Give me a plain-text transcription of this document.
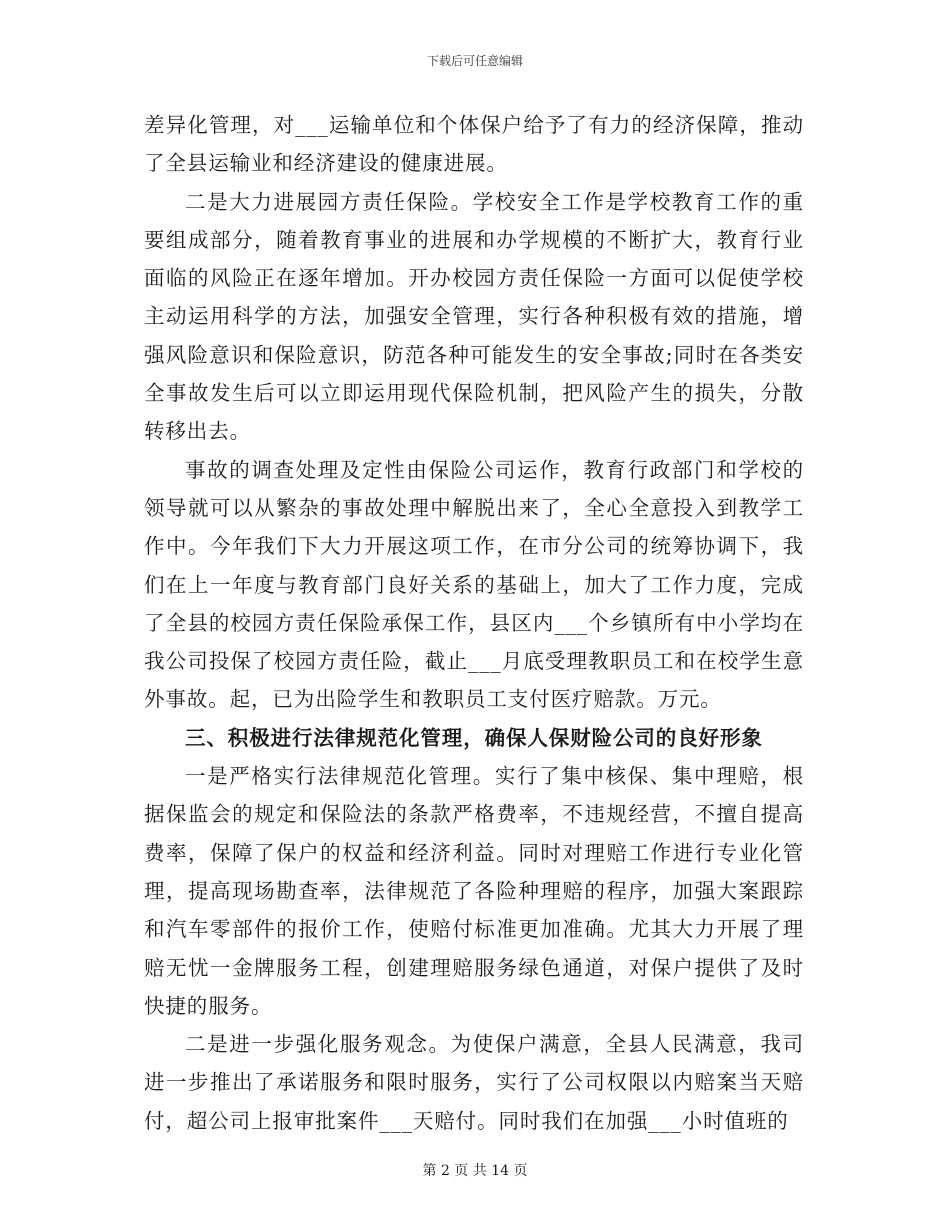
下载后可任意编辑

差异化管理，对___运输单位和个体保户给予了有力的经济保障，推动了全县运输业和经济建设的健康进展。

二是大力进展园方责任保险。学校安全工作是学校教育工作的重要组成部分，随着教育事业的进展和办学规模的不断扩大，教育行业面临的风险正在逐年增加。开办校园方责任保险一方面可以促使学校主动运用科学的方法，加强安全管理，实行各种积极有效的措施，增强风险意识和保险意识，防范各种可能发生的安全事故;同时在各类安全事故发生后可以立即运用现代保险机制，把风险产生的损失，分散转移出去。

事故的调查处理及定性由保险公司运作，教育行政部门和学校的领导就可以从繁杂的事故处理中解脱出来了，全心全意投入到教学工作中。今年我们下大力开展这项工作，在市分公司的统筹协调下，我们在上一年度与教育部门良好关系的基础上，加大了工作力度，完成了全县的校园方责任保险承保工作，县区内___个乡镇所有中小学均在我公司投保了校园方责任险，截止___月底受理教职员工和在校学生意外事故。起，已为出险学生和教职员工支付医疗赔款。万元。

三、积极进行法律规范化管理，确保人保财险公司的良好形象

一是严格实行法律规范化管理。实行了集中核保、集中理赔，根据保监会的规定和保险法的条款严格费率，不违规经营，不擅自提高费率，保障了保户的权益和经济利益。同时对理赔工作进行专业化管理，提高现场勘查率，法律规范了各险种理赔的程序，加强大案跟踪和汽车零部件的报价工作，使赔付标准更加准确。尤其大力开展了理赔无忧一金牌服务工程，创建理赔服务绿色通道，对保户提供了及时快捷的服务。

二是进一步强化服务观念。为使保户满意，全县人民满意，我司进一步推出了承诺服务和限时服务，实行了公司权限以内赔案当天赔付，超公司上报审批案件___天赔付。同时我们在加强___小时值班的

第 2 页 共 14 页
